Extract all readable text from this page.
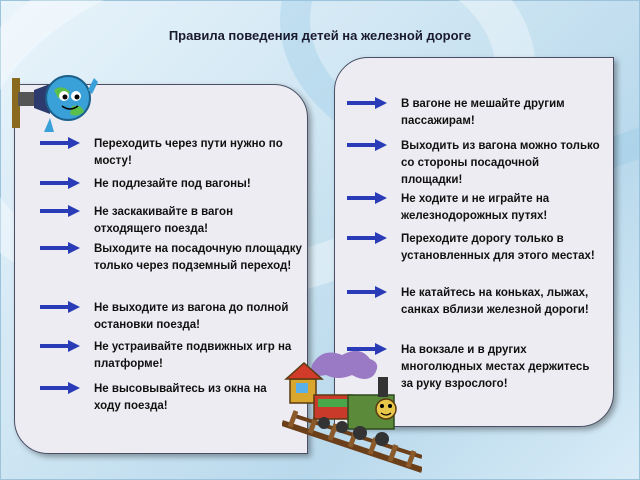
Правила поведения детей на железной дороге
Переходить через пути нужно по мосту!
Не подлезайте под вагоны!
Не заскакивайте в вагон отходящего поезда!
Выходите на посадочную площадку только через подземный переход!
Не выходите из вагона до полной остановки поезда!
Не устраивайте подвижных игр на платформе!
Не высовывайтесь из окна на ходу поезда!
В вагоне не мешайте другим пассажирам!
Выходить из вагона можно только со стороны посадочной площадки!
Не ходите и не играйте на железнодорожных путях!
Переходите дорогу только в установленных для этого местах!
Не катайтесь на коньках, лыжах, санках вблизи железной дороги!
На вокзале и в других многолюдных местах держитесь за руку взрослого!
